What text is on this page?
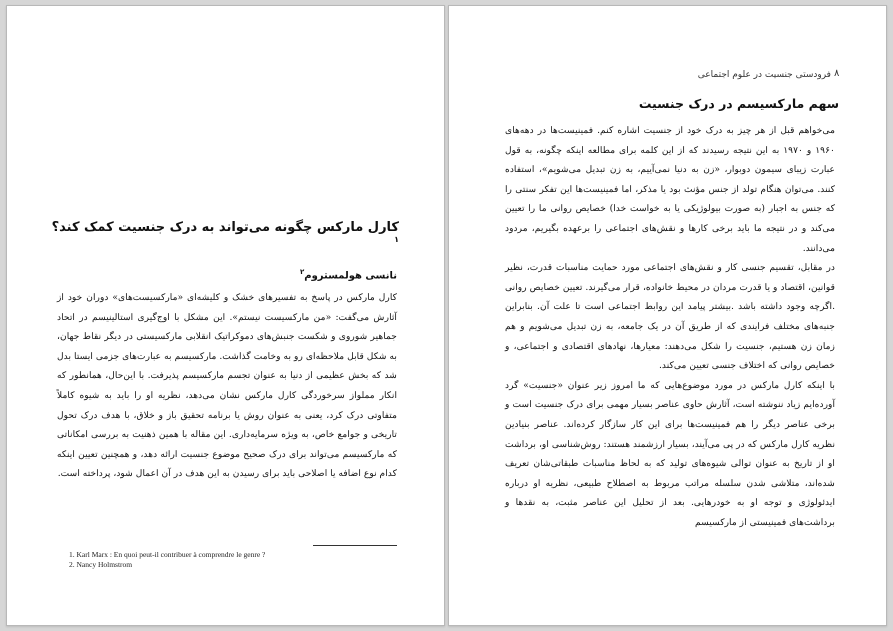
کارل مارکس چگونه می‌تواند به درک جنسیت کمک کند؟$^۱$
نانسی هولمستروم$^۲$

کارل مارکس در پاسخ به تفسیرهای خشک و کلیشه‌ای «مارکسیست‌های» دوران خود از آثارش می‌گفت: «من مارکسیست نیستم». این مشکل با اوج‌گیری استالینیسم در اتحاد جماهیر شوروی و شکست جنبش‌های دموکراتیک انقلابی مارکسیستی در دیگر نقاط جهان، به شکل قابل ملاحظه‌ای رو به وخامت گذاشت. مارکسیسم به عبارت‌های جزمی ایستا بدل شد که بخش عظیمی از دنیا به عنوان تجسم مارکسیسم پذیرفت. با این‌حال، همانطور که انکار مملواز سرخوردگی کارل مارکس نشان می‌دهد، نظریه او را باید به شیوه کاملاً متفاوتی درک کرد، یعنی به عنوان روش یا برنامه تحقیق باز و خلاق، با هدف درک تحول تاریخی و جوامع خاص، به ویژه سرمایه‌داری. این مقاله با همین ذهنیت به بررسی امکاناتی که مارکسیسم می‌تواند برای درک صحیح موضوع جنسیت ارائه دهد، و همچنین تعیین اینکه کدام نوع اضافه یا اصلاحی باید برای رسیدن به این هدف در آن اعمال شود، پرداخته است.

1. Karl Marx : En quoi peut-il contribuer à comprendre le genre ?
2. Nancy Holmstrom
فرودستی جنسیت در علوم اجتماعی ۸
سهم مارکسیسم در درک جنسیت

می‌خواهم قبل از هر چیز به درک خود از جنسیت اشاره کنم. فمینیست‌ها در دهه‌های ۱۹۶۰ و ۱۹۷۰ به این نتیجه رسیدند که از این کلمه برای مطالعه اینکه چگونه، به قول عبارت زیبای سیمون دوبوار، «زن به دنیا نمی‌آییم، به زن تبدیل می‌شویم»، استفاده کنند. می‌توان هنگام تولد از جنس مؤنث بود یا مذکر، اما فمینیست‌ها این تفکر سنتی را که جنس به اجبار (به صورت بیولوژیکی یا به خواست خدا) خصایص روانی ما را تعیین می‌کند و در نتیجه ما باید برخی کارها و نقش‌های اجتماعی را برعهده بگیریم، مردود می‌دانند.

در مقابل، تقسیم جنسی کار و نقش‌های اجتماعی مورد حمایت مناسبات قدرت، نظیر قوانین، اقتصاد و یا قدرت مردان در محیط خانواده، قرار می‌گیرند. تعیین خصایص روانی .اگرچه وجود داشته باشد .بیشتر پیامد این روابط اجتماعی است تا علت آن. بنابراین جنبه‌های مختلف فرایندی که از طریق آن در یک جامعه، به زن تبدیل می‌شویم و هم زمان زن هستیم، جنسیت را شکل می‌دهند: معیارها، نهادهای اقتصادی و اجتماعی، و خصایص روانی که اختلاف جنسی تعیین می‌کند.

با اینکه کارل مارکس در مورد موضوع‌هایی که ما امروز زیر عنوان «جنسیت» گرد آورده‌ایم زیاد ننوشته است، آثارش حاوی عناصر بسیار مهمی برای درک جنسیت است و برخی عناصر دیگر را هم فمینیست‌ها برای این کار سازگار کرده‌اند. عناصر بنیادین نظریه کارل مارکس که در پی می‌آیند، بسیار ارزشمند هستند: روش‌شناسی او، برداشت او از تاریخ به عنوان توالی شیوه‌های تولید که به لحاظ مناسبات طبقاتی‌شان تعریف شده‌اند، متلاشی شدن سلسله مراتب مربوط به اصطلاح طبیعی، نظریه او درباره ایدئولوژی و توجه او به خودرهایی. بعد از تحلیل این عناصر مثبت، به نقدها و برداشت‌های فمینیستی از مارکسیسم
